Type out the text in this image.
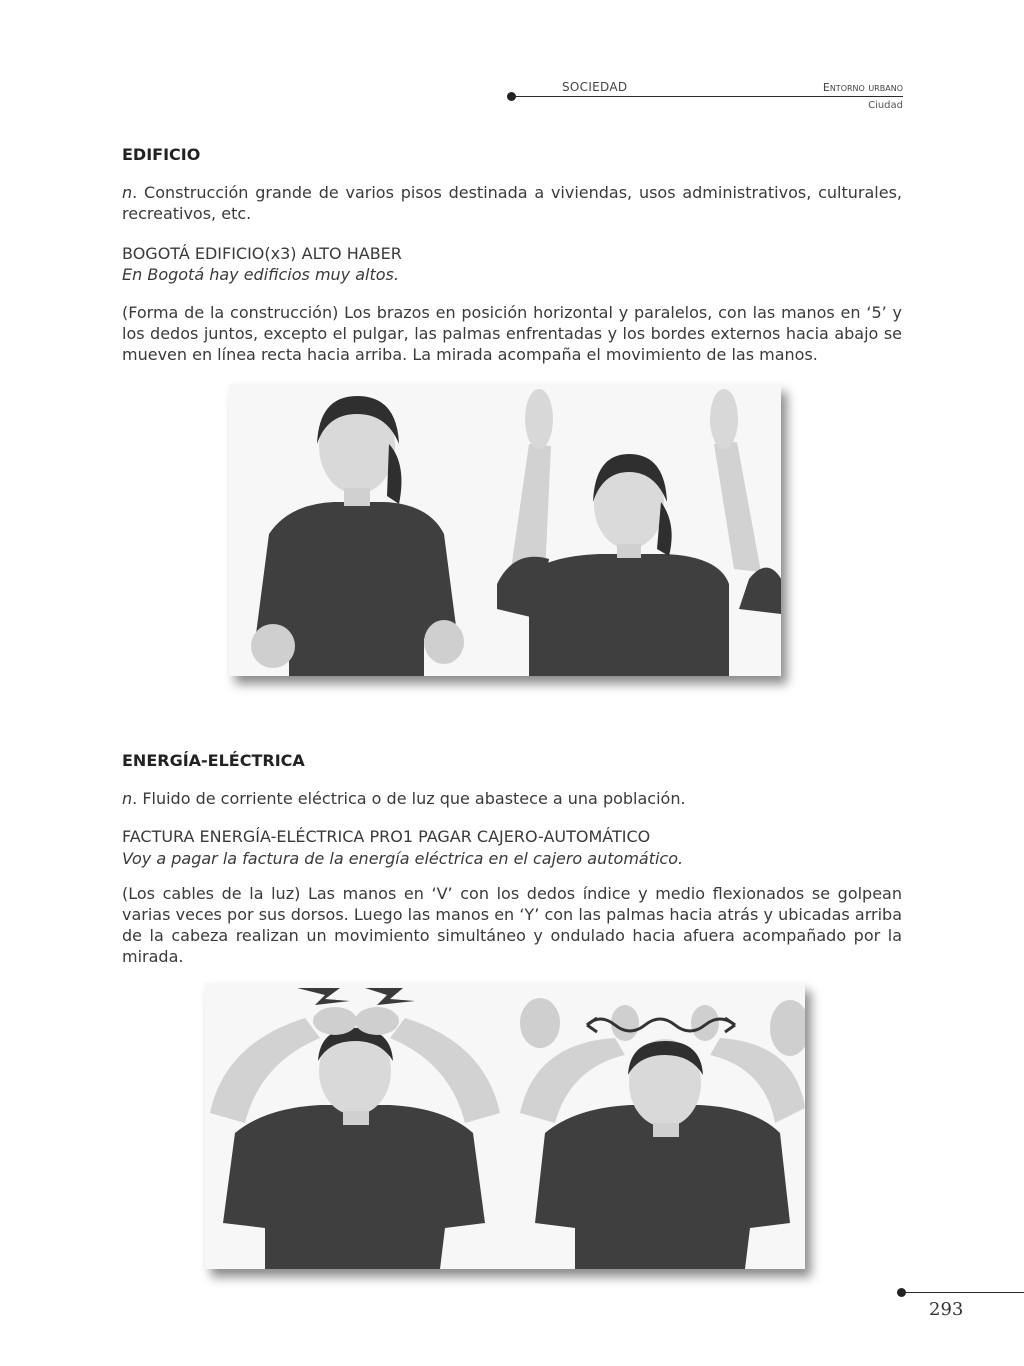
SOCIEDAD	Entorno urbano
Ciudad
EDIFICIO
n. Construcción grande de varios pisos destinada a viviendas, usos administrativos, culturales, recreativos, etc.
BOGOTÁ EDIFICIO(x3) ALTO HABER
En Bogotá hay edificios muy altos.
(Forma de la construcción) Los brazos en posición horizontal y paralelos, con las manos en ‘5’ y los dedos juntos, excepto el pulgar, las palmas enfrentadas y los bordes externos hacia abajo se mueven en línea recta hacia arriba. La mirada acompaña el movimiento de las manos.
ENERGÍA-ELÉCTRICA
n. Fluido de corriente eléctrica o de luz que abastece a una población.
FACTURA ENERGÍA-ELÉCTRICA PRO1 PAGAR CAJERO-AUTOMÁTICO
Voy a pagar la factura de la energía eléctrica en el cajero automático.
(Los cables de la luz) Las manos en ‘V’ con los dedos índice y medio flexionados se golpean varias veces por sus dorsos. Luego las manos en ‘Y’ con las palmas hacia atrás y ubicadas arriba de la cabeza realizan un movimiento simultáneo y ondulado hacia afuera acompañado por la mirada.
293
